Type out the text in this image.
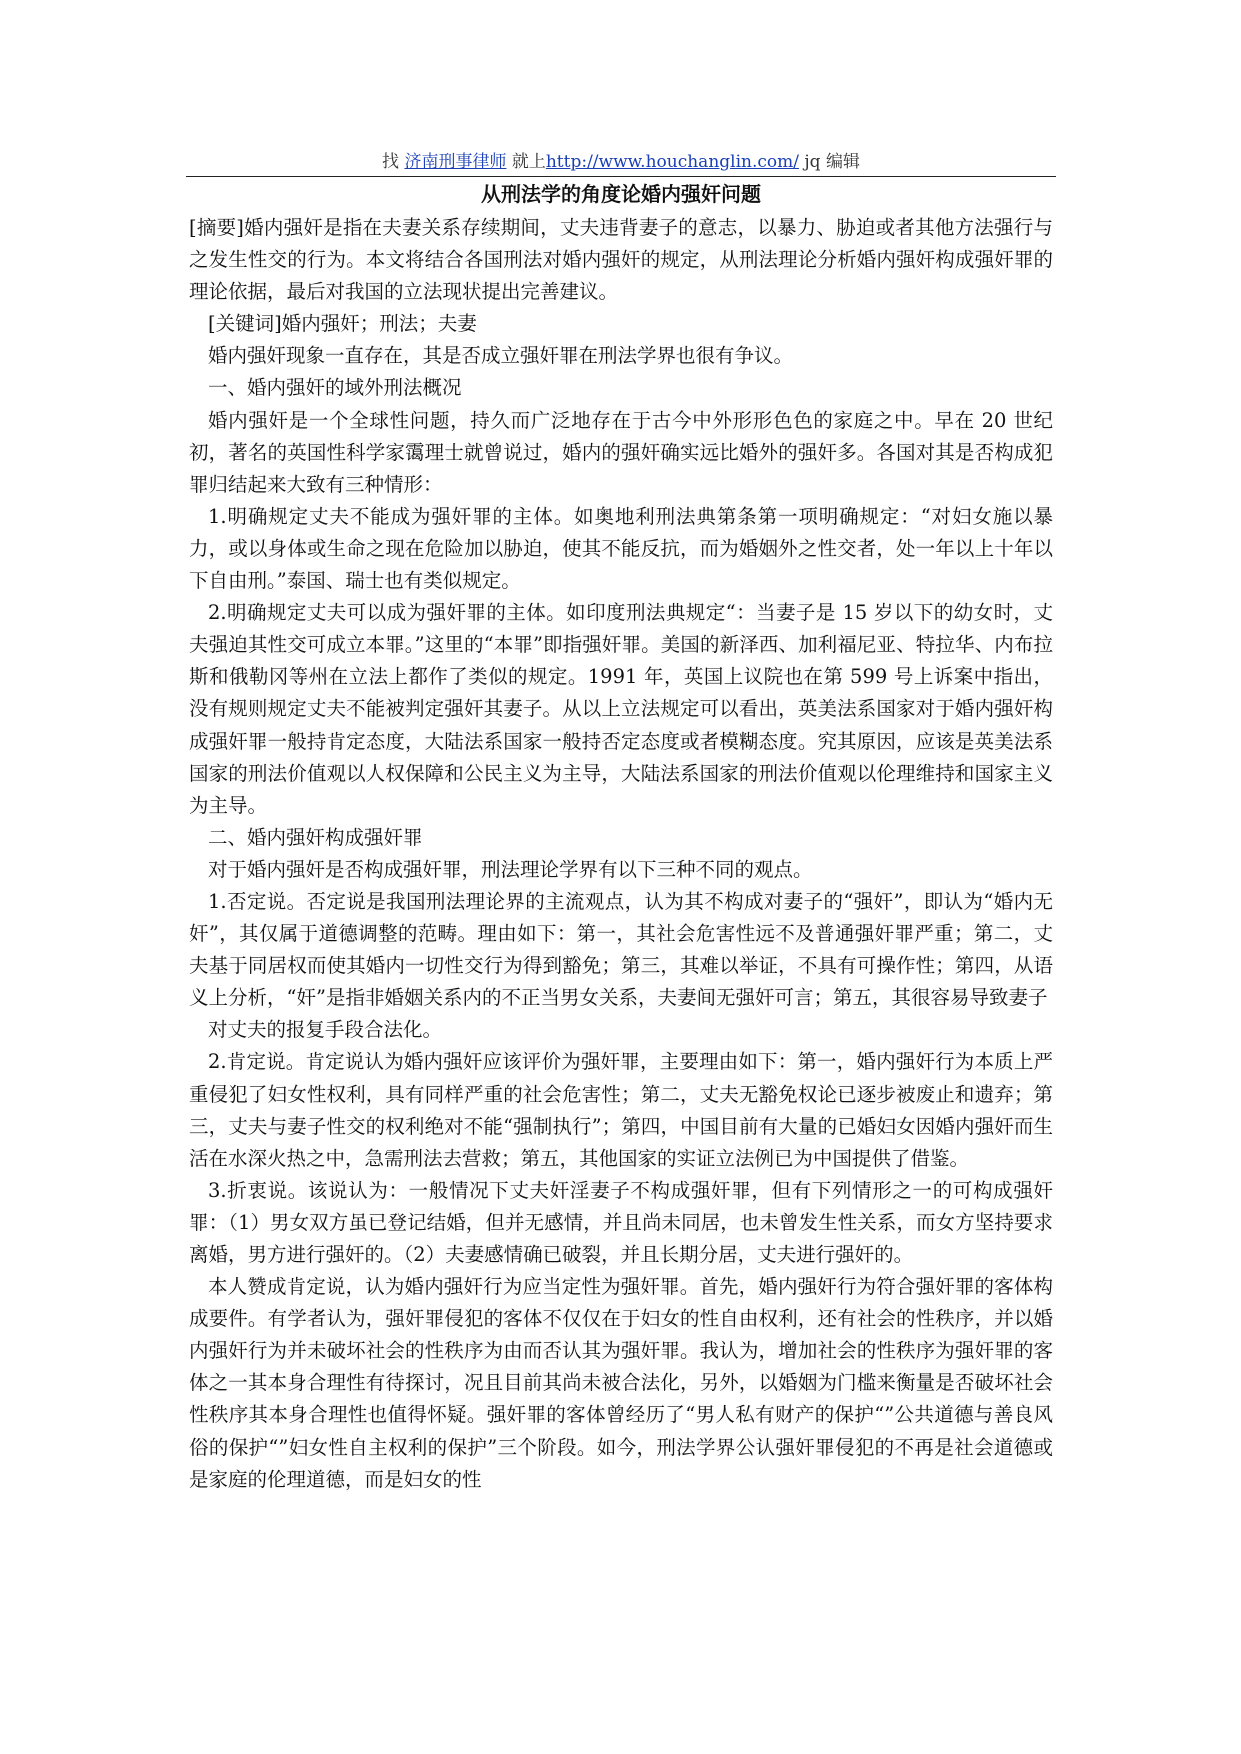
找 济南刑事律师 就上http://www.houchanglin.com/ jq 编辑
从刑法学的角度论婚内强奸问题

[摘要]婚内强奸是指在夫妻关系存续期间，丈夫违背妻子的意志，以暴力、胁迫或者其他方法强行与之发生性交的行为。本文将结合各国刑法对婚内强奸的规定，从刑法理论分析婚内强奸构成强奸罪的理论依据，最后对我国的立法现状提出完善建议。

[关键词]婚内强奸；刑法；夫妻

婚内强奸现象一直存在，其是否成立强奸罪在刑法学界也很有争议。

一、婚内强奸的域外刑法概况

婚内强奸是一个全球性问题，持久而广泛地存在于古今中外形形色色的家庭之中。早在 20 世纪初，著名的英国性科学家霭理士就曾说过，婚内的强奸确实远比婚外的强奸多。各国对其是否构成犯罪归结起来大致有三种情形：

1.明确规定丈夫不能成为强奸罪的主体。如奥地利刑法典第条第一项明确规定：“对妇女施以暴力，或以身体或生命之现在危险加以胁迫，使其不能反抗，而为婚姻外之性交者，处一年以上十年以下自由刑。”泰国、瑞士也有类似规定。

2.明确规定丈夫可以成为强奸罪的主体。如印度刑法典规定“：当妻子是 15 岁以下的幼女时，丈夫强迫其性交可成立本罪。”这里的“本罪”即指强奸罪。美国的新泽西、加利福尼亚、特拉华、内布拉斯和俄勒冈等州在立法上都作了类似的规定。1991 年，英国上议院也在第 599 号上诉案中指出，没有规则规定丈夫不能被判定强奸其妻子。从以上立法规定可以看出，英美法系国家对于婚内强奸构成强奸罪一般持肯定态度，大陆法系国家一般持否定态度或者模糊态度。究其原因，应该是英美法系国家的刑法价值观以人权保障和公民主义为主导，大陆法系国家的刑法价值观以伦理维持和国家主义为主导。

二、婚内强奸构成强奸罪

对于婚内强奸是否构成强奸罪，刑法理论学界有以下三种不同的观点。

1.否定说。否定说是我国刑法理论界的主流观点，认为其不构成对妻子的“强奸”，即认为“婚内无奸”，其仅属于道德调整的范畴。理由如下：第一，其社会危害性远不及普通强奸罪严重；第二，丈夫基于同居权而使其婚内一切性交行为得到豁免；第三，其难以举证，不具有可操作性；第四，从语义上分析，“奸”是指非婚姻关系内的不正当男女关系，夫妻间无强奸可言；第五，其很容易导致妻子

对丈夫的报复手段合法化。

2.肯定说。肯定说认为婚内强奸应该评价为强奸罪，主要理由如下：第一，婚内强奸行为本质上严重侵犯了妇女性权利，具有同样严重的社会危害性；第二，丈夫无豁免权论已逐步被废止和遗弃；第三，丈夫与妻子性交的权利绝对不能“强制执行”；第四，中国目前有大量的已婚妇女因婚内强奸而生活在水深火热之中，急需刑法去营救；第五，其他国家的实证立法例已为中国提供了借鉴。

3.折衷说。该说认为：一般情况下丈夫奸淫妻子不构成强奸罪，但有下列情形之一的可构成强奸罪：（1）男女双方虽已登记结婚，但并无感情，并且尚未同居，也未曾发生性关系，而女方坚持要求离婚，男方进行强奸的。（2）夫妻感情确已破裂，并且长期分居，丈夫进行强奸的。

本人赞成肯定说，认为婚内强奸行为应当定性为强奸罪。首先，婚内强奸行为符合强奸罪的客体构成要件。有学者认为，强奸罪侵犯的客体不仅仅在于妇女的性自由权利，还有社会的性秩序，并以婚内强奸行为并未破坏社会的性秩序为由而否认其为强奸罪。我认为，增加社会的性秩序为强奸罪的客体之一其本身合理性有待探讨，况且目前其尚未被合法化，另外，以婚姻为门槛来衡量是否破坏社会性秩序其本身合理性也值得怀疑。强奸罪的客体曾经历了“男人私有财产的保护“”公共道德与善良风俗的保护“”妇女性自主权利的保护”三个阶段。如今，刑法学界公认强奸罪侵犯的不再是社会道德或是家庭的伦理道德，而是妇女的性
